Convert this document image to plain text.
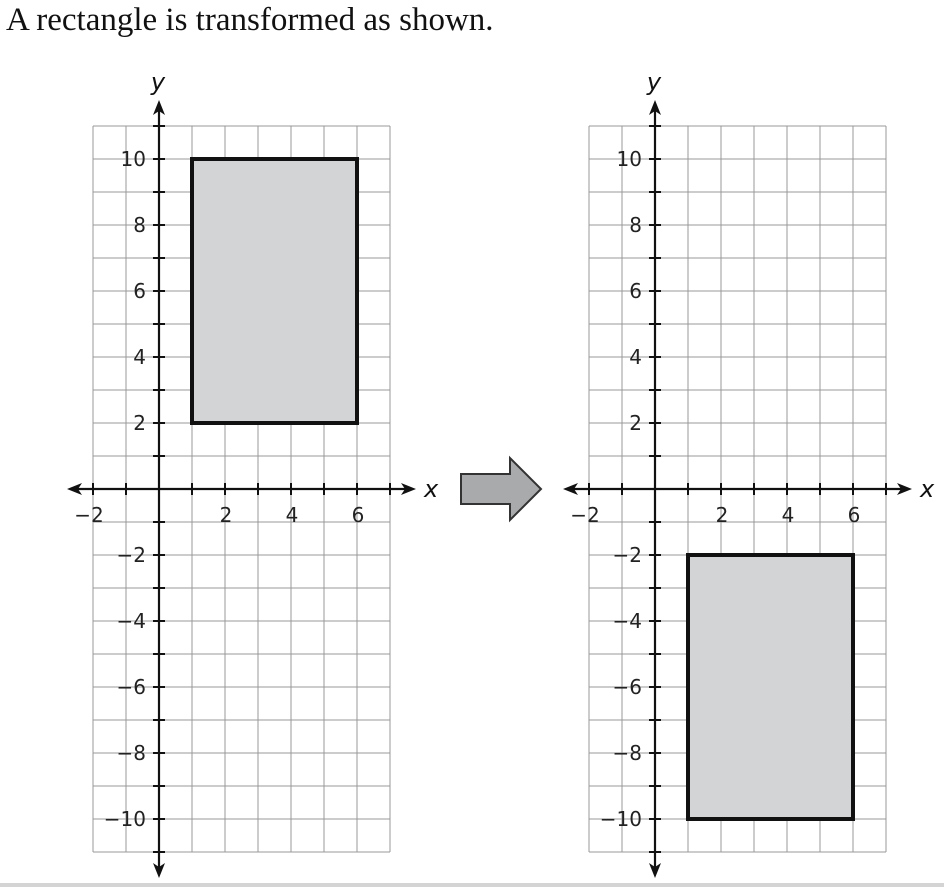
A rectangle is transformed as shown.
−2	2	4	6
10
8
6
4
2
−2
−4
−6
−8
−10
x
y
−2	2	4	6
10
8
6
4
2
−2
−4
−6
−8
−10
x
y
